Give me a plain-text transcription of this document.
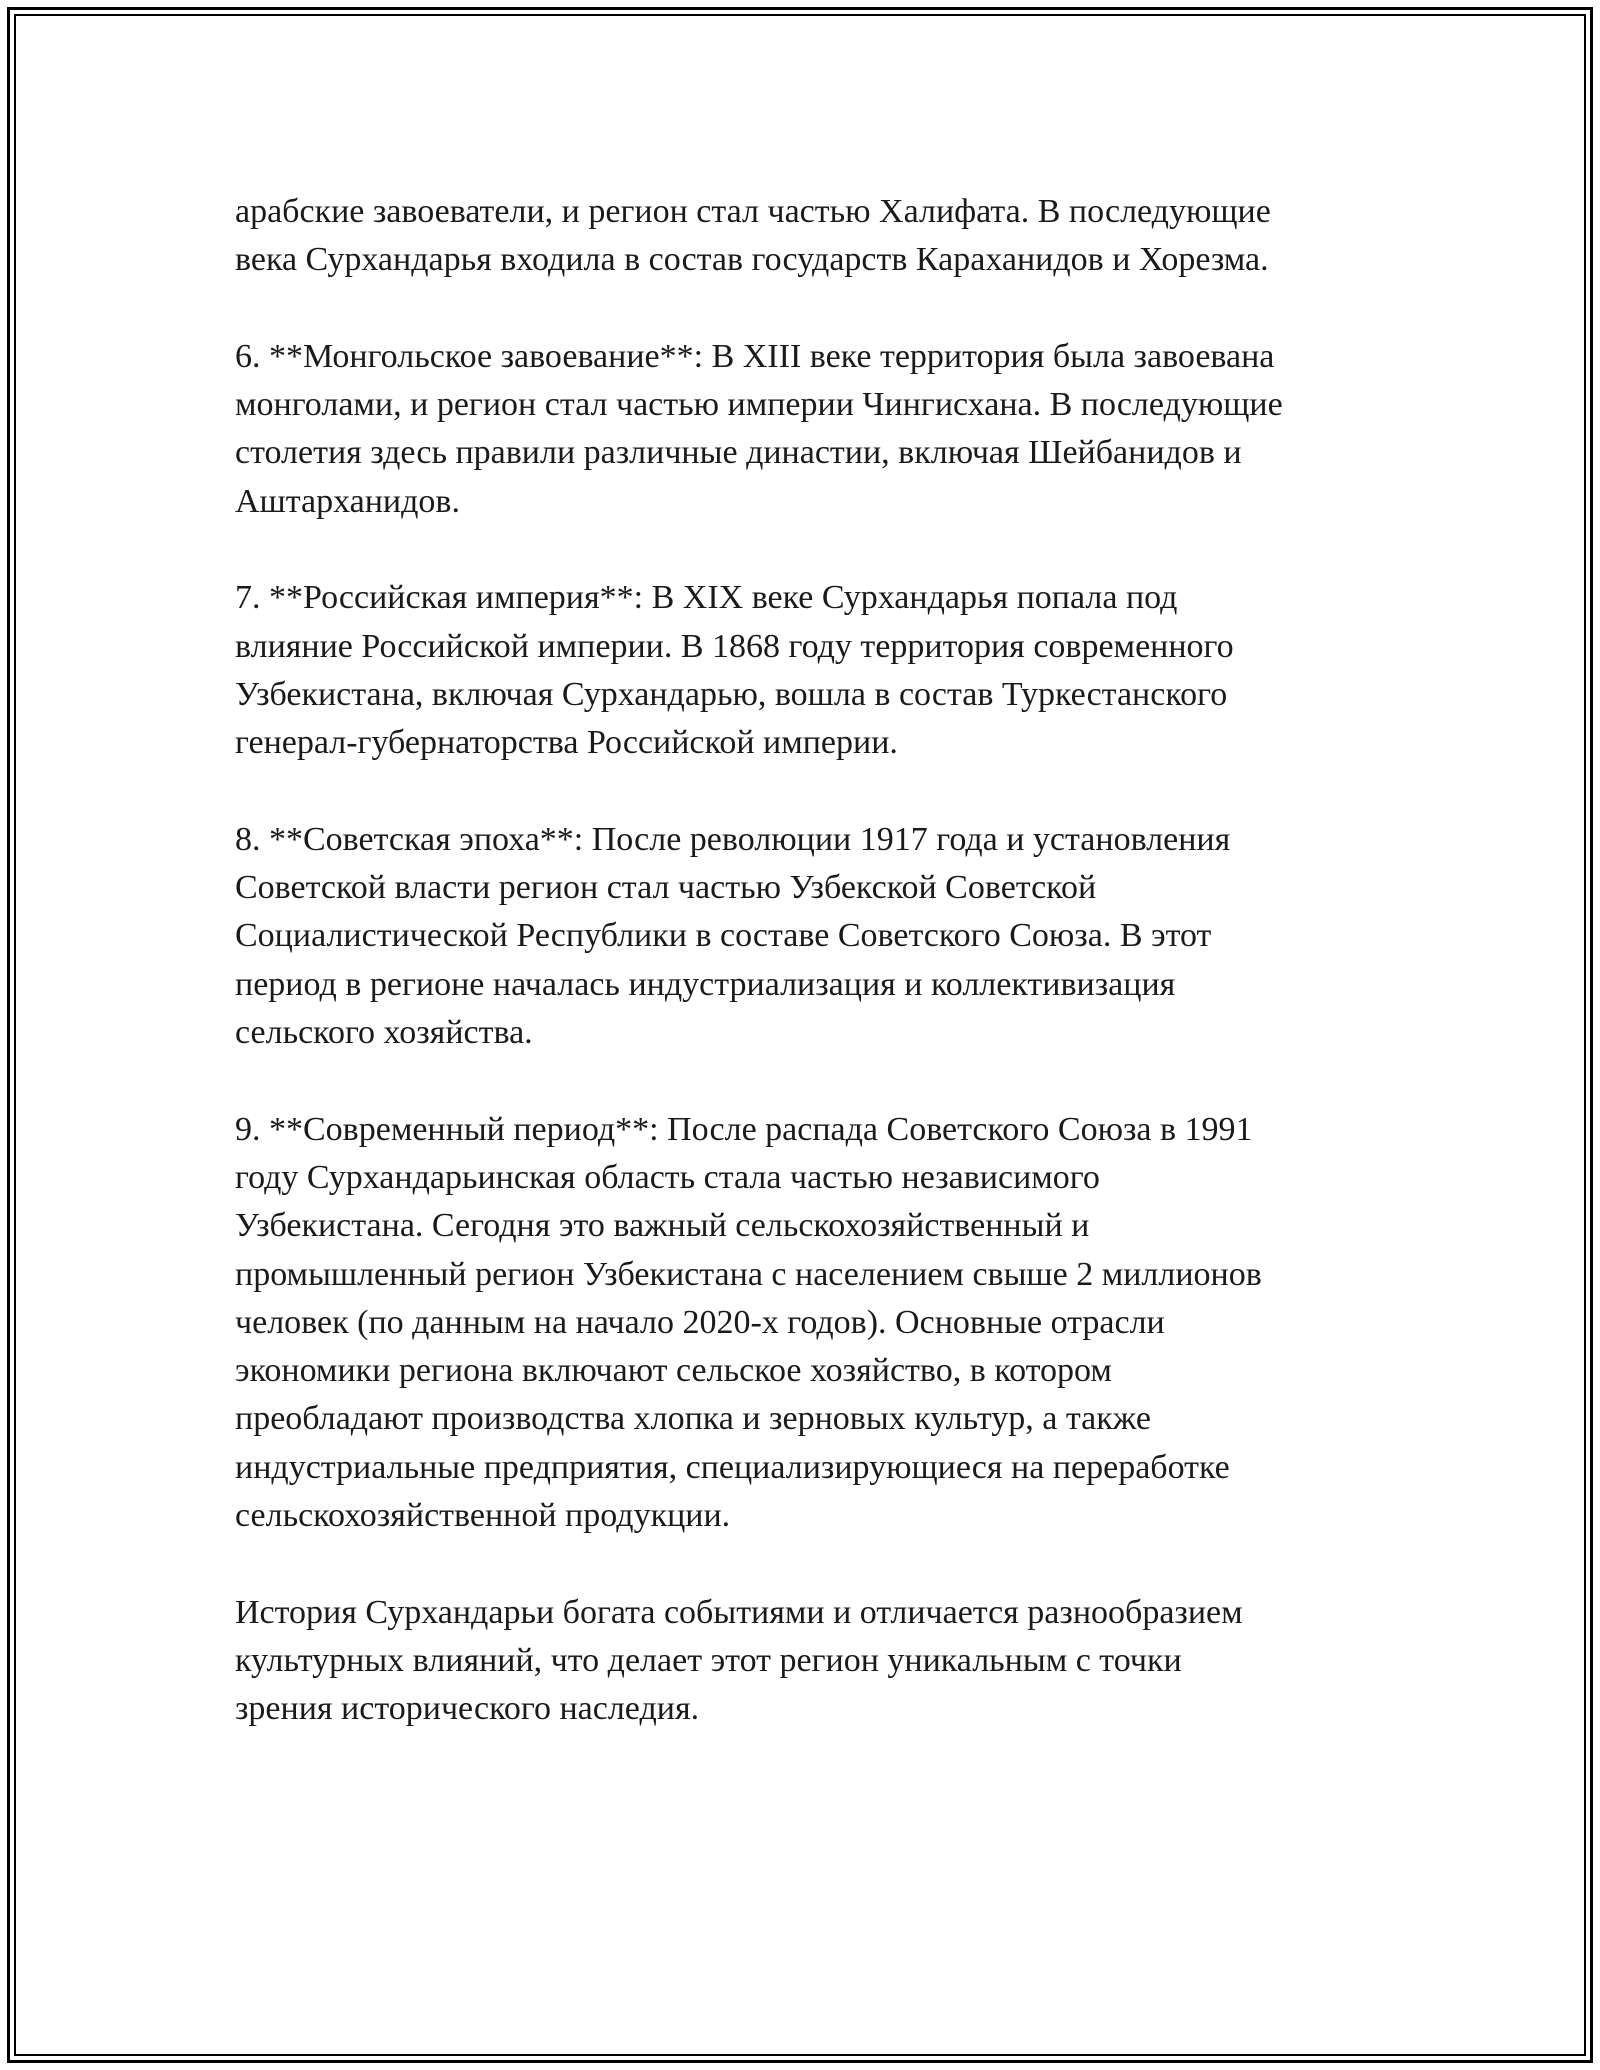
арабские завоеватели, и регион стал частью Халифата. В последующие
века Сурхандарья входила в состав государств Караханидов и Хорезма.

6. **Монгольское завоевание**: В XIII веке территория была завоевана
монголами, и регион стал частью империи Чингисхана. В последующие
столетия здесь правили различные династии, включая Шейбанидов и
Аштарханидов.

7. **Российская империя**: В XIX веке Сурхандарья попала под
влияние Российской империи. В 1868 году территория современного
Узбекистана, включая Сурхандарью, вошла в состав Туркестанского
генерал-губернаторства Российской империи.

8. **Советская эпоха**: После революции 1917 года и установления
Советской власти регион стал частью Узбекской Советской
Социалистической Республики в составе Советского Союза. В этот
период в регионе началась индустриализация и коллективизация
сельского хозяйства.

9. **Современный период**: После распада Советского Союза в 1991
году Сурхандарьинская область стала частью независимого
Узбекистана. Сегодня это важный сельскохозяйственный и
промышленный регион Узбекистана с населением свыше 2 миллионов
человек (по данным на начало 2020-х годов). Основные отрасли
экономики региона включают сельское хозяйство, в котором
преобладают производства хлопка и зерновых культур, а также
индустриальные предприятия, специализирующиеся на переработке
сельскохозяйственной продукции.

История Сурхандарьи богата событиями и отличается разнообразием
культурных влияний, что делает этот регион уникальным с точки
зрения исторического наследия.
